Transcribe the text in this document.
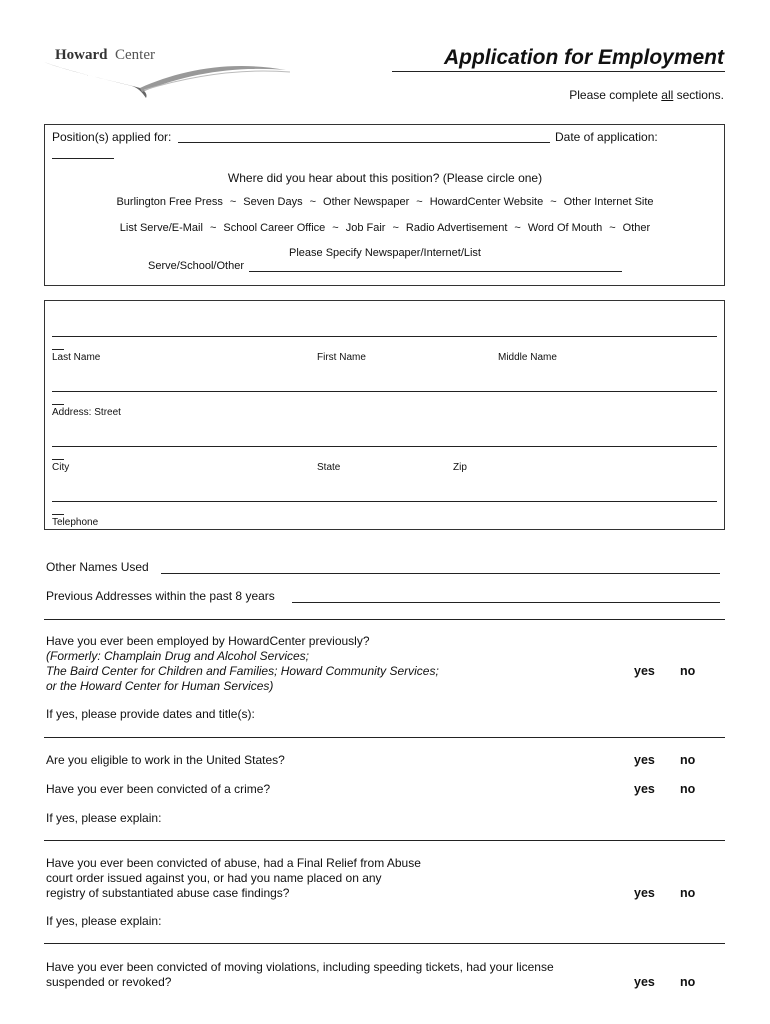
Howard Center	Application for Employment
Please complete all sections.
Position(s) applied for:	Date of application:
Where did you hear about this position? (Please circle one)
Burlington Free Press ~ Seven Days ~ Other Newspaper ~ HowardCenter Website ~ Other Internet Site
List Serve/E-Mail ~ School Career Office ~ Job Fair ~ Radio Advertisement ~ Word Of Mouth ~ Other
Please Specify Newspaper/Internet/List
Serve/School/Other
Last Name	First Name	Middle Name
Address: Street
City	State	Zip
Telephone
Other Names Used
Previous Addresses within the past 8 years
Have you ever been employed by HowardCenter previously?
(Formerly: Champlain Drug and Alcohol Services;
The Baird Center for Children and Families; Howard Community Services;
or the Howard Center for Human Services)
yes no
If yes, please provide dates and title(s):
Are you eligible to work in the United States?	yes no
Have you ever been convicted of a crime?	yes no
If yes, please explain:
Have you ever been convicted of abuse, had a Final Relief from Abuse
court order issued against you, or had you name placed on any
registry of substantiated abuse case findings?	yes no
If yes, please explain:
Have you ever been convicted of moving violations, including speeding tickets, had your license
suspended or revoked?	yes no
